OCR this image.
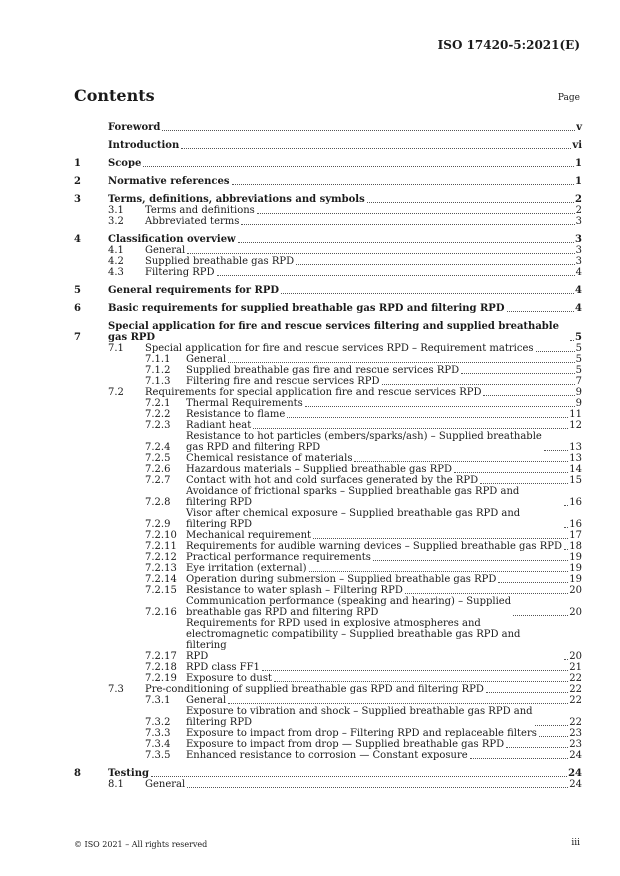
ISO 17420-5:2021(E)
Contents	Page
Foreword	v
Introduction	vi
1	Scope	1
2	Normative references	1
3	Terms, definitions, abbreviations and symbols	2
3.1	Terms and definitions	2
3.2	Abbreviated terms	3
4	Classification overview	3
4.1	General	3
4.2	Supplied breathable gas RPD	3
4.3	Filtering RPD	4
5	General requirements for RPD	4
6	Basic requirements for supplied breathable gas RPD and filtering RPD	4
7
Special application for fire and rescue services filtering and supplied breathable gas RPD	5
7.1	Special application for fire and rescue services RPD – Requirement matrices	5
7.1.1	General	5
7.1.2	Supplied breathable gas fire and rescue services RPD	5
7.1.3	Filtering fire and rescue services RPD	7
7.2	Requirements for special application fire and rescue services RPD	9
7.2.1	Thermal Requirements	9
7.2.2	Resistance to flame	11
7.2.3	Radiant heat	12
7.2.4
Resistance to hot particles (embers/sparks/ash) – Supplied breathable
gas RPD and filtering RPD	13
7.2.5	Chemical resistance of materials	13
7.2.6	Hazardous materials – Supplied breathable gas RPD	14
7.2.7	Contact with hot and cold surfaces generated by the RPD	15
7.2.8
Avoidance of frictional sparks – Supplied breathable gas RPD and filtering RPD	16
7.2.9
Visor after chemical exposure – Supplied breathable gas RPD and filtering RPD	16
7.2.10 Mechanical requirement	17
7.2.11 Requirements for audible warning devices – Supplied breathable gas RPD 18
7.2.12 Practical performance requirements	19
7.2.13 Eye irritation (external)	19
7.2.14 Operation during submersion – Supplied breathable gas RPD	19
7.2.15 Resistance to water splash – Filtering RPD	20
7.2.16
Communication performance (speaking and hearing) – Supplied
breathable gas RPD and filtering RPD	20
7.2.17
Requirements for RPD used in explosive atmospheres and
electromagnetic compatibility – Supplied breathable gas RPD and filtering
RPD	20
7.2.18 RPD class FF1	21
7.2.19 Exposure to dust	22
7.3	Pre-conditioning of supplied breathable gas RPD and filtering RPD	22
7.3.1	General	22
7.3.2
Exposure to vibration and shock – Supplied breathable gas RPD and
filtering RPD	22
7.3.3	Exposure to impact from drop – Filtering RPD and replaceable filters	23
7.3.4	Exposure to impact from drop — Supplied breathable gas RPD	23
7.3.5	Enhanced resistance to corrosion — Constant exposure	24
8	Testing	24
8.1	General	24
© ISO 2021 – All rights reserved	iii
